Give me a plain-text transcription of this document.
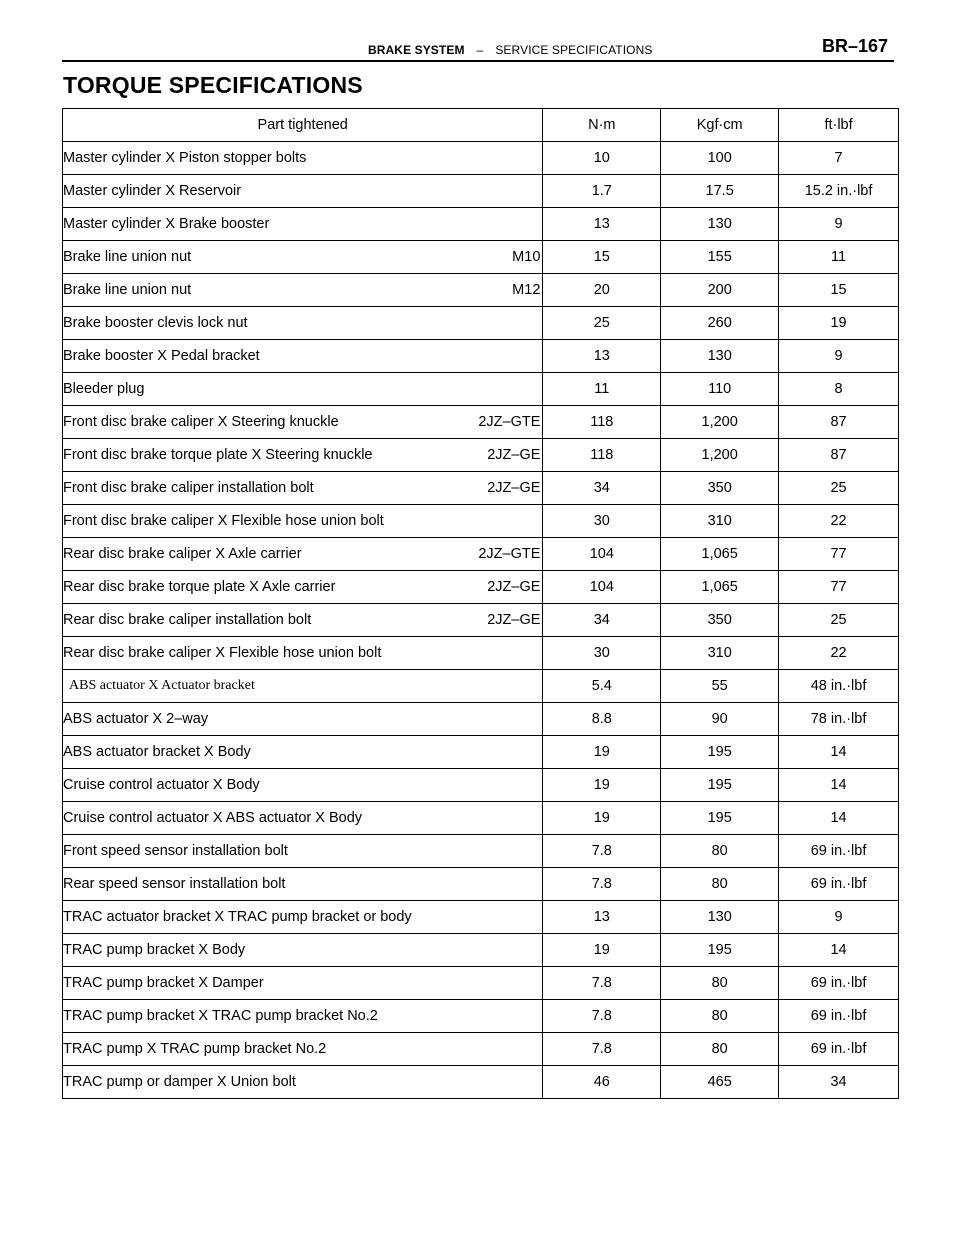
BRAKE SYSTEM – SERVICE SPECIFICATIONS	BR–167
TORQUE SPECIFICATIONS
Part tightened	N·m	Kgf·cm	ft·lbf

Master cylinder X Piston stopper bolts	10	100	7

Master cylinder X Reservoir	1.7	17.5	15.2 in.·lbf

Master cylinder X Brake booster	13	130	9

Brake line union nut M10	15	155	11

Brake line union nut M12	20	200	15

Brake booster clevis lock nut	25	260	19

Brake booster X Pedal bracket	13	130	9

Bleeder plug	11	110	8

Front disc brake caliper X Steering knuckle 2JZ–GTE	118	1,200	87

Front disc brake torque plate X Steering knuckle 2JZ–GE	118	1,200	87

Front disc brake caliper installation bolt 2JZ–GE	34	350	25

Front disc brake caliper X Flexible hose union bolt	30	310	22

Rear disc brake caliper X Axle carrier 2JZ–GTE	104	1,065	77

Rear disc brake torque plate X Axle carrier 2JZ–GE	104	1,065	77

Rear disc brake caliper installation bolt 2JZ–GE	34	350	25

Rear disc brake caliper X Flexible hose union bolt	30	310	22

ABS actuator X Actuator bracket	5.4	55	48 in.·lbf

ABS actuator X 2–way	8.8	90	78 in.·lbf

ABS actuator bracket X Body	19	195	14

Cruise control actuator X Body	19	195	14

Cruise control actuator X ABS actuator X Body	19	195	14

Front speed sensor installation bolt	7.8	80	69 in.·lbf

Rear speed sensor installation bolt	7.8	80	69 in.·lbf

TRAC actuator bracket X TRAC pump bracket or body	13	130	9

TRAC pump bracket X Body	19	195	14

TRAC pump bracket X Damper	7.8	80	69 in.·lbf

TRAC pump bracket X TRAC pump bracket No.2	7.8	80	69 in.·lbf

TRAC pump X TRAC pump bracket No.2	7.8	80	69 in.·lbf

TRAC pump or damper X Union bolt	46	465	34
